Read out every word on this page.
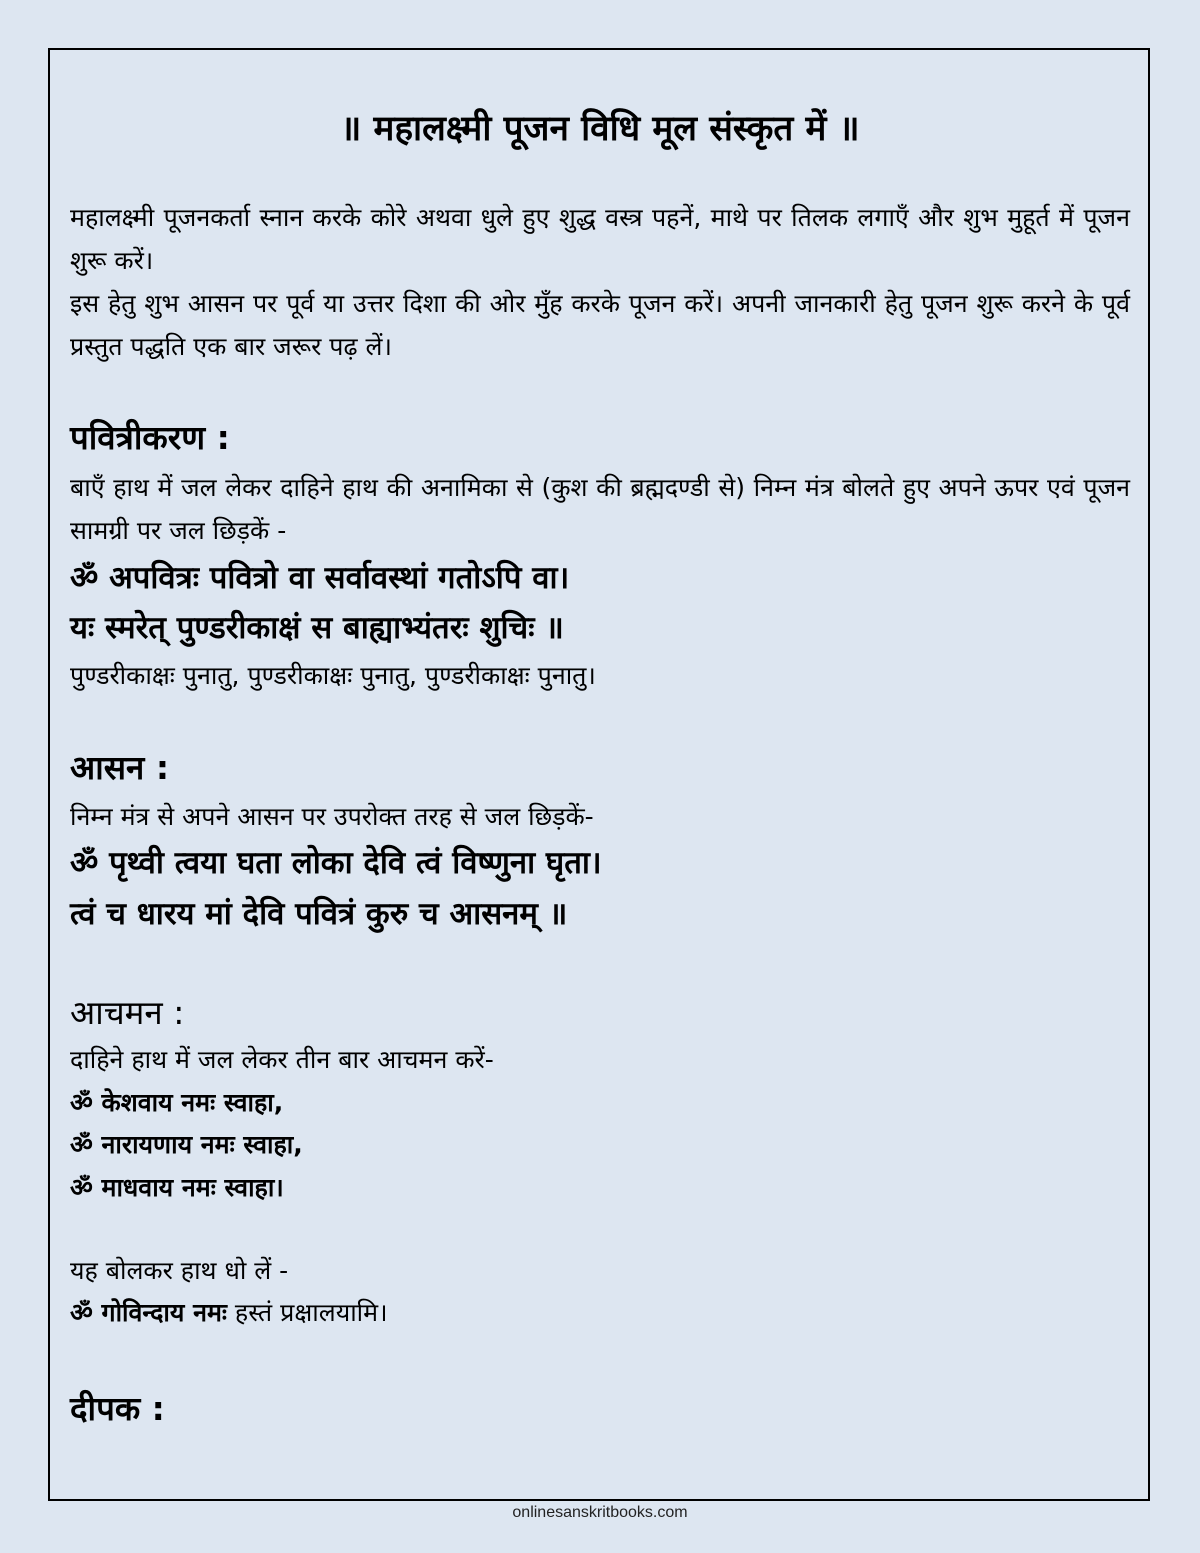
॥ महालक्ष्मी पूजन विधि मूल संस्कृत में ॥

महालक्ष्मी पूजनकर्ता स्नान करके कोरे अथवा धुले हुए शुद्ध वस्त्र पहनें, माथे पर तिलक लगाएँ और शुभ मुहूर्त में पूजन शुरू करें।

इस हेतु शुभ आसन पर पूर्व या उत्तर दिशा की ओर मुँह करके पूजन करें। अपनी जानकारी हेतु पूजन शुरू करने के पूर्व प्रस्तुत पद्धति एक बार जरूर पढ़ लें।

पवित्रीकरण :

बाएँ हाथ में जल लेकर दाहिने हाथ की अनामिका से (कुश की ब्रह्मदण्डी से) निम्न मंत्र बोलते हुए अपने ऊपर एवं पूजन सामग्री पर जल छिड़कें -

ॐ अपवित्रः पवित्रो वा सर्वावस्थां गतोऽपि वा।
यः स्मरेत् पुण्डरीकाक्षं स बाह्याभ्यंतरः शुचिः ॥
पुण्डरीकाक्षः पुनातु, पुण्डरीकाक्षः पुनातु, पुण्डरीकाक्षः पुनातु।
आसन :
निम्न मंत्र से अपने आसन पर उपरोक्त तरह से जल छिड़कें-
ॐ पृथ्वी त्वया घता लोका देवि त्वं विष्णुना घृता।
त्वं च धारय मां देवि पवित्रं कुरु च आसनम् ॥
आचमन :
दाहिने हाथ में जल लेकर तीन बार आचमन करें-
ॐ केशवाय नमः स्वाहा,
ॐ नारायणाय नमः स्वाहा,
ॐ माधवाय नमः स्वाहा।
यह बोलकर हाथ धो लें -
ॐ गोविन्दाय नमः हस्तं प्रक्षालयामि।
दीपक :
onlinesanskritbooks.com
